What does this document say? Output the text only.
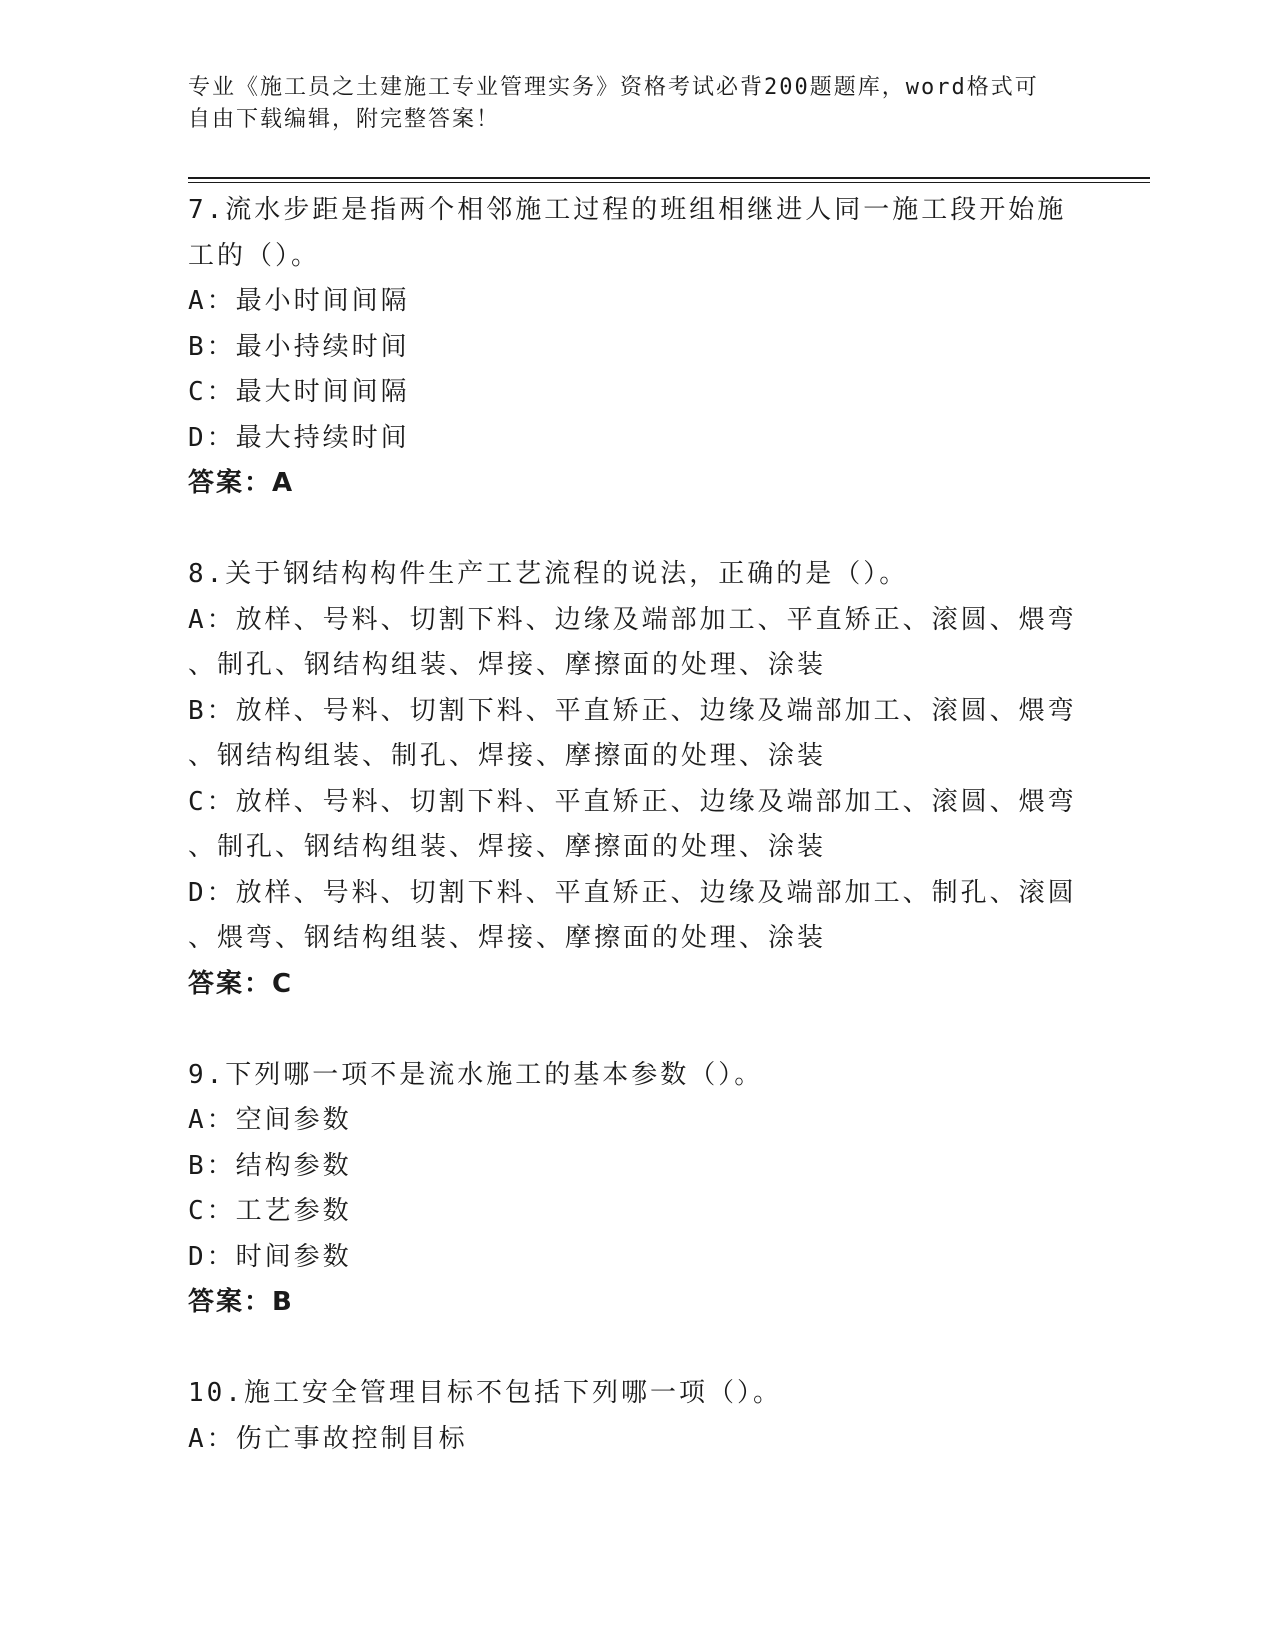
专业《施工员之土建施工专业管理实务》资格考试必背200题题库，word格式可
自由下载编辑，附完整答案！
7.流水步距是指两个相邻施工过程的班组相继进人同一施工段开始施
工的（）。
A：最小时间间隔
B：最小持续时间
C：最大时间间隔
D：最大持续时间
答案：A
8.关于钢结构构件生产工艺流程的说法，正确的是（）。
A：放样、号料、切割下料、边缘及端部加工、平直矫正、滚圆、煨弯
、制孔、钢结构组装、焊接、摩擦面的处理、涂装
B：放样、号料、切割下料、平直矫正、边缘及端部加工、滚圆、煨弯
、钢结构组装、制孔、焊接、摩擦面的处理、涂装
C：放样、号料、切割下料、平直矫正、边缘及端部加工、滚圆、煨弯
、制孔、钢结构组装、焊接、摩擦面的处理、涂装
D：放样、号料、切割下料、平直矫正、边缘及端部加工、制孔、滚圆
、煨弯、钢结构组装、焊接、摩擦面的处理、涂装
答案：C
9.下列哪一项不是流水施工的基本参数（）。
A：空间参数
B：结构参数
C：工艺参数
D：时间参数
答案：B
10.施工安全管理目标不包括下列哪一项（）。
A：伤亡事故控制目标
